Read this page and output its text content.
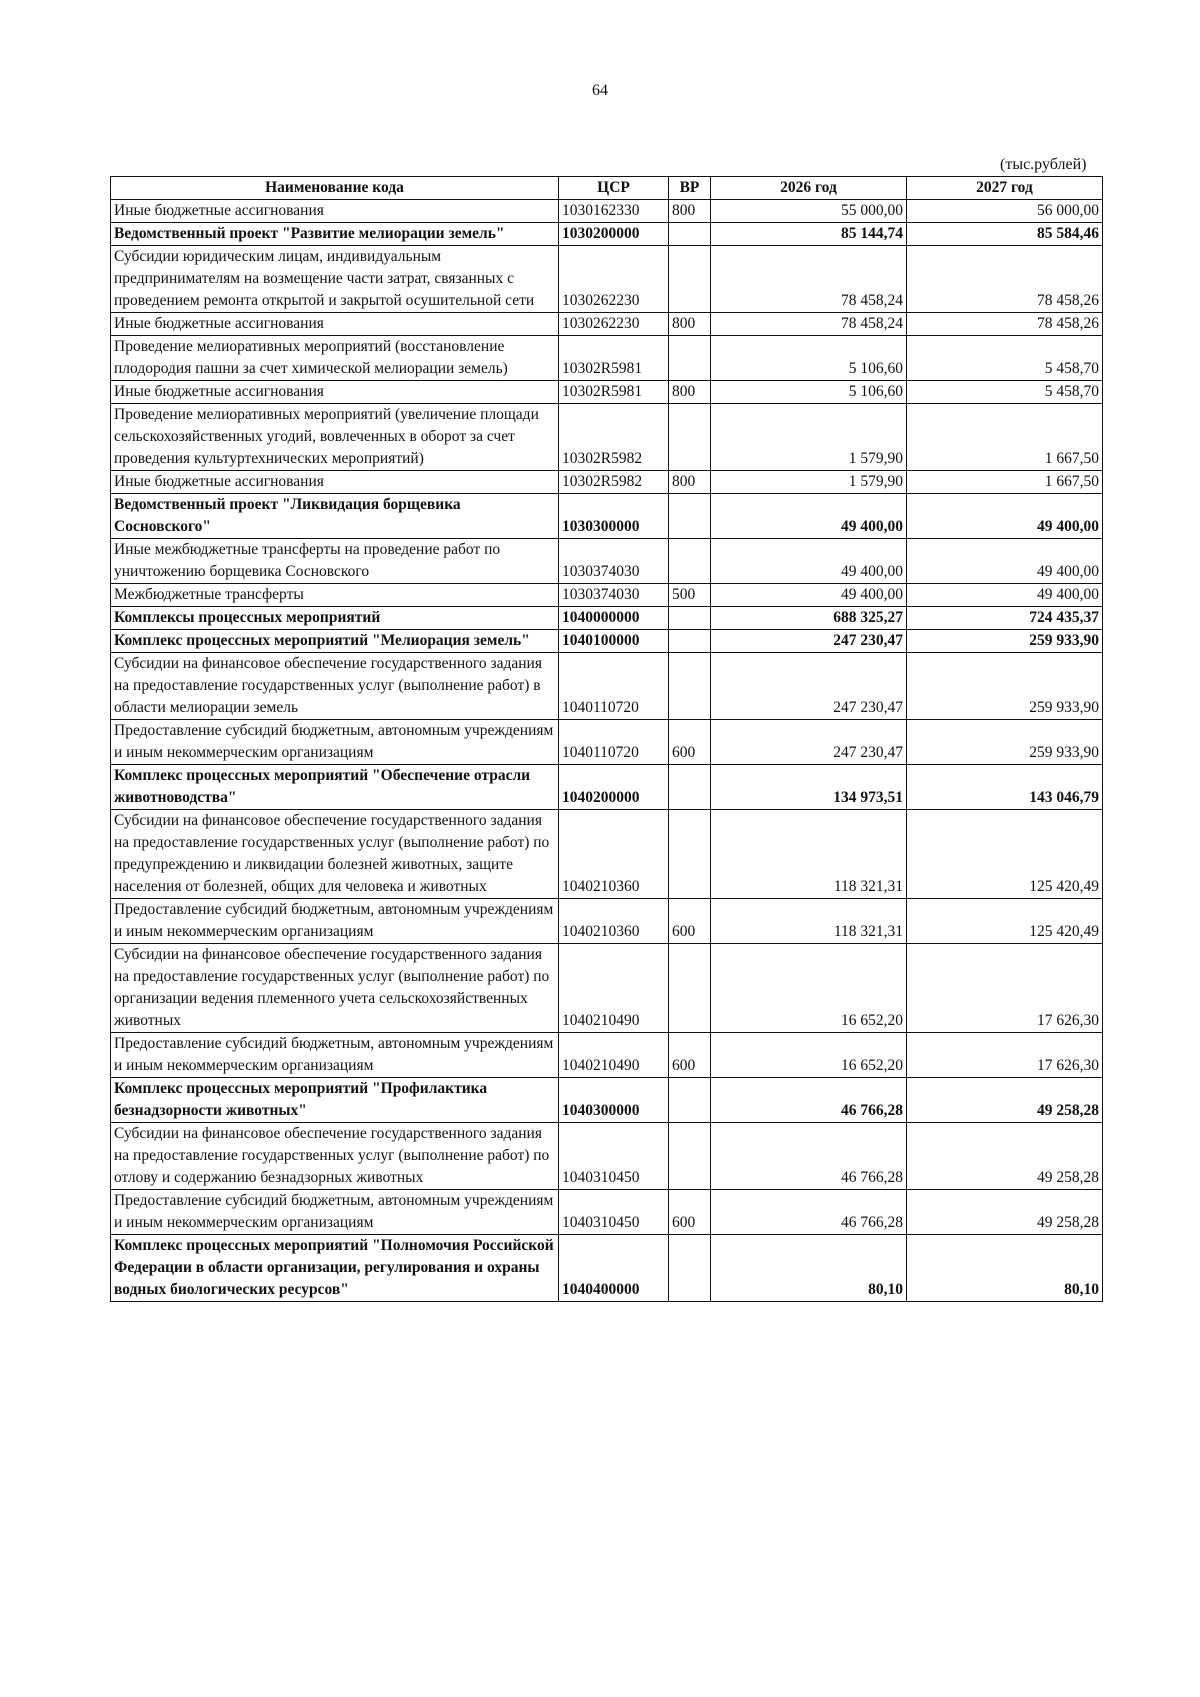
64
(тыс.рублей)
Наименование кода	ЦСР	ВР	2026 год	2027 год
Иные бюджетные ассигнования	1030162330	800	55 000,00	56 000,00
Ведомственный проект "Развитие мелиорации земель"	1030200000		85 144,74	85 584,46
Субсидии юридическим лицам, индивидуальным предпринимателям на возмещение части затрат, связанных с проведением ремонта открытой и закрытой осушительной сети	1030262230		78 458,24	78 458,26
Иные бюджетные ассигнования	1030262230	800	78 458,24	78 458,26
Проведение мелиоративных мероприятий (восстановление плодородия пашни за счет химической мелиорации земель)	10302R5981		5 106,60	5 458,70
Иные бюджетные ассигнования	10302R5981	800	5 106,60	5 458,70
Проведение мелиоративных мероприятий (увеличение площади сельскохозяйственных угодий, вовлеченных в оборот за счет проведения культуртехнических мероприятий)	10302R5982		1 579,90	1 667,50
Иные бюджетные ассигнования	10302R5982	800	1 579,90	1 667,50
Ведомственный проект "Ликвидация борщевика Сосновского"	1030300000		49 400,00	49 400,00
Иные межбюджетные трансферты на проведение работ по уничтожению борщевика Сосновского	1030374030		49 400,00	49 400,00
Межбюджетные трансферты	1030374030	500	49 400,00	49 400,00
Комплексы процессных мероприятий	1040000000		688 325,27	724 435,37
Комплекс процессных мероприятий "Мелиорация земель"	1040100000		247 230,47	259 933,90
Субсидии на финансовое обеспечение государственного задания на предоставление государственных услуг (выполнение работ) в области мелиорации земель	1040110720		247 230,47	259 933,90
Предоставление субсидий бюджетным, автономным учреждениям и иным некоммерческим организациям	1040110720	600	247 230,47	259 933,90
Комплекс процессных мероприятий "Обеспечение отрасли животноводства"	1040200000		134 973,51	143 046,79
Субсидии на финансовое обеспечение государственного задания на предоставление государственных услуг (выполнение работ) по предупреждению и ликвидации болезней животных, защите населения от болезней, общих для человека и животных	1040210360		118 321,31	125 420,49
Предоставление субсидий бюджетным, автономным учреждениям и иным некоммерческим организациям	1040210360	600	118 321,31	125 420,49
Субсидии на финансовое обеспечение государственного задания на предоставление государственных услуг (выполнение работ) по организации ведения племенного учета сельскохозяйственных животных	1040210490		16 652,20	17 626,30
Предоставление субсидий бюджетным, автономным учреждениям и иным некоммерческим организациям	1040210490	600	16 652,20	17 626,30
Комплекс процессных мероприятий "Профилактика безнадзорности животных"	1040300000		46 766,28	49 258,28
Субсидии на финансовое обеспечение государственного задания на предоставление государственных услуг (выполнение работ) по отлову и содержанию безнадзорных животных	1040310450		46 766,28	49 258,28
Предоставление субсидий бюджетным, автономным учреждениям и иным некоммерческим организациям	1040310450	600	46 766,28	49 258,28
Комплекс процессных мероприятий "Полномочия Российской Федерации в области организации, регулирования и охраны водных биологических ресурсов"	1040400000		80,10	80,10
